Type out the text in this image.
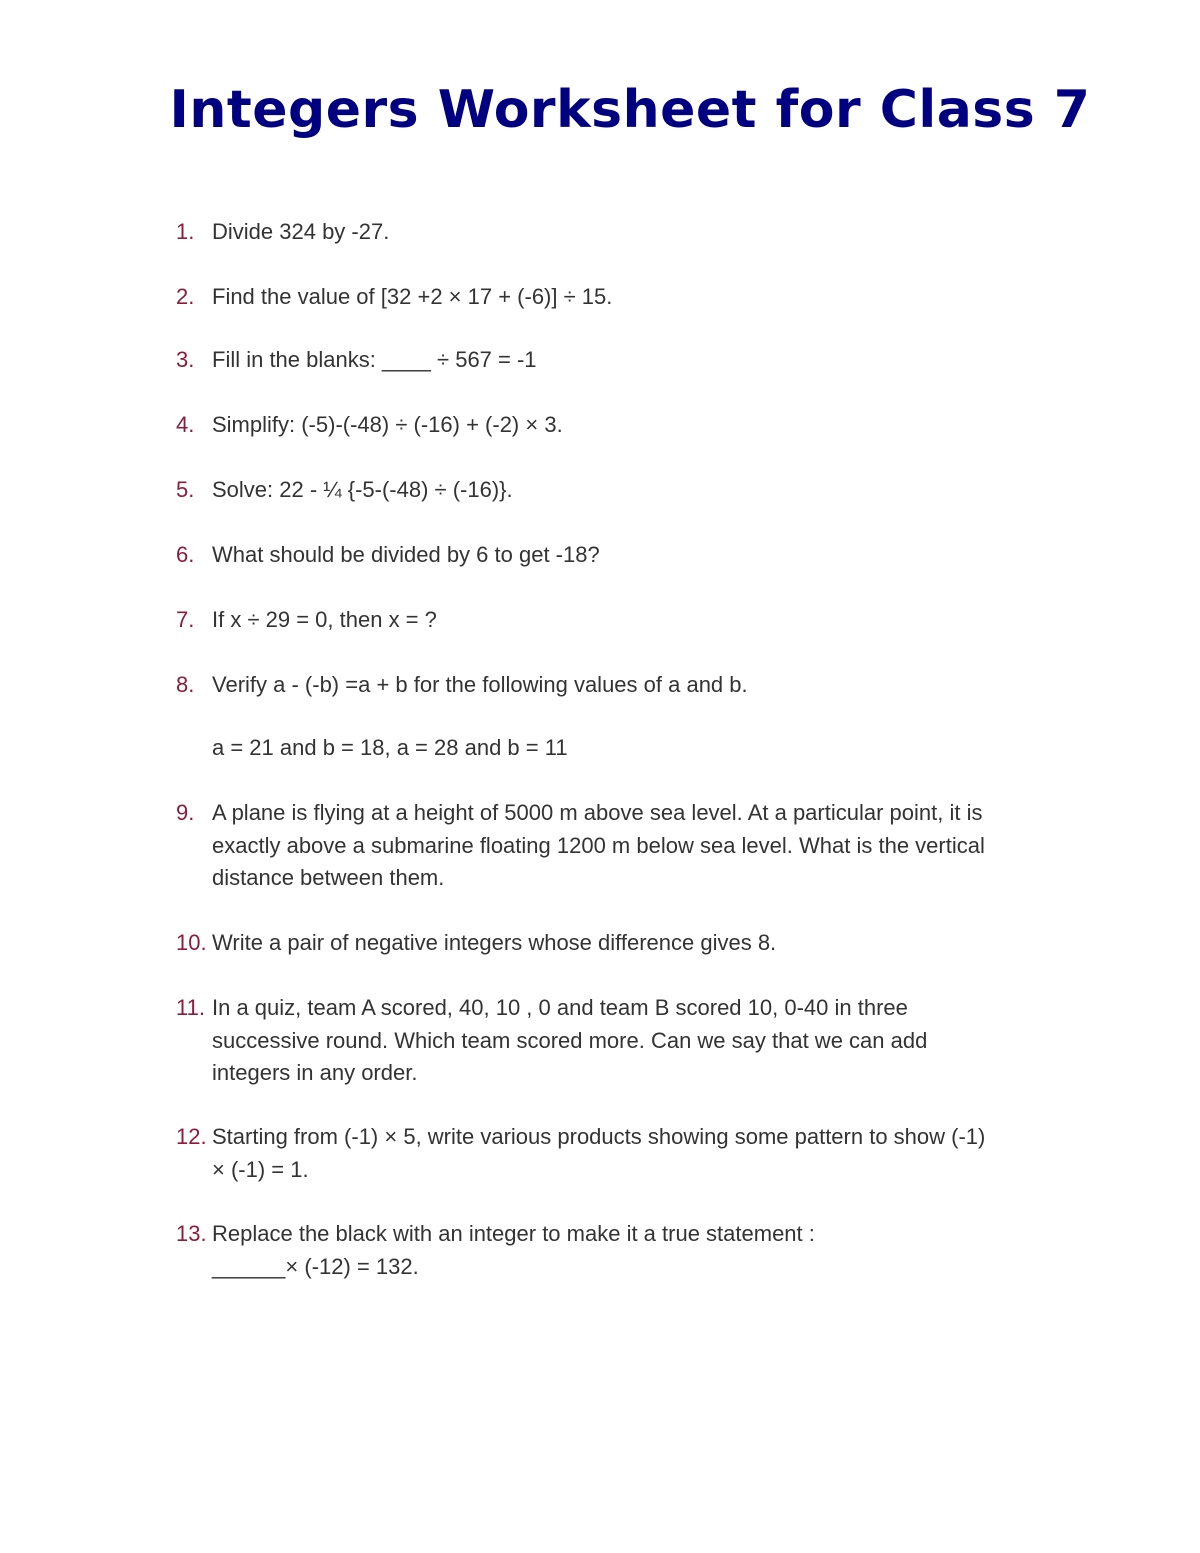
Integers Worksheet for Class 7
1. Divide 324 by -27.
2. Find the value of [32 +2 × 17 + (-6)] ÷ 15.
3. Fill in the blanks: ____ ÷ 567 = -1
4. Simplify: (-5)-(-48) ÷ (-16) + (-2) × 3.
5. Solve: 22 - ¼ {-5-(-48) ÷ (-16)}.
6. What should be divided by 6 to get -18?
7. If x ÷ 29 = 0, then x = ?
8. Verify a - (-b) =a + b for the following values of a and b.
a = 21 and b = 18, a = 28 and b = 11
9. A plane is flying at a height of 5000 m above sea level. At a particular point, it is
exactly above a submarine floating 1200 m below sea level. What is the vertical
distance between them.
10. Write a pair of negative integers whose difference gives 8.
11. In a quiz, team A scored, 40, 10 , 0 and team B scored 10, 0-40 in three
successive round. Which team scored more. Can we say that we can add
integers in any order.
12. Starting from (-1) × 5, write various products showing some pattern to show (-1)
× (-1) = 1.
13. Replace the black with an integer to make it a true statement :
______× (-12) = 132.
